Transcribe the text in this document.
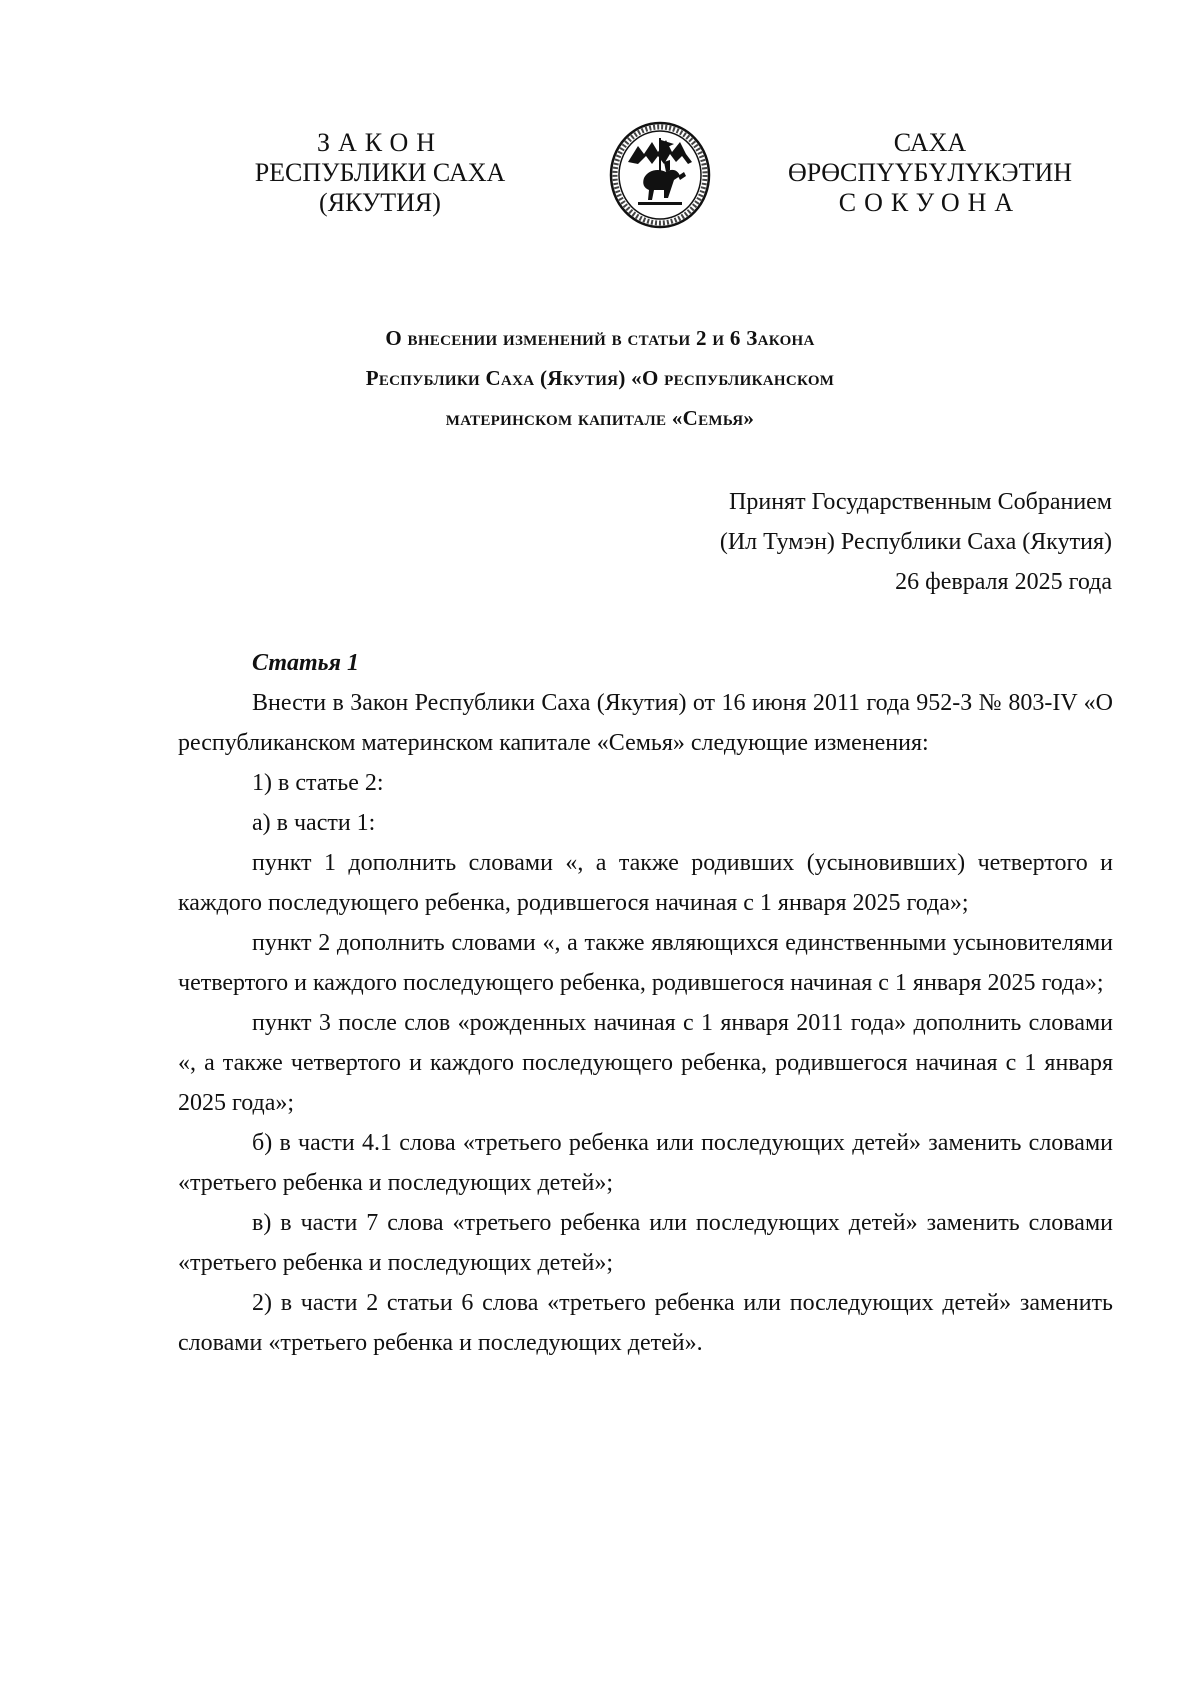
ЗАКОН
РЕСПУБЛИКИ САХА (ЯКУТИЯ)
САХА ӨРӨСПҮҮБҮЛҮКЭТИН
СОКУОНА
О внесении изменений в статьи 2 и 6 Закона
Республики Саха (Якутия) «О республиканском
материнском капитале «Семья»
Принят Государственным Собранием
(Ил Тумэн) Республики Саха (Якутия)
26 февраля 2025 года
Статья 1

Внести в Закон Республики Саха (Якутия) от 16 июня 2011 года 952-З № 803-IV «О республиканском материнском капитале «Семья» следующие изменения:

1) в статье 2:

а) в части 1:

пункт 1 дополнить словами «, а также родивших (усыновивших) четвертого и каждого последующего ребенка, родившегося начиная с 1 января 2025 года»;

пункт 2 дополнить словами «, а также являющихся единственными усыновителями четвертого и каждого последующего ребенка, родившегося начиная с 1 января 2025 года»;

пункт 3 после слов «рожденных начиная с 1 января 2011 года» дополнить словами «, а также четвертого и каждого последующего ребенка, родившегося начиная с 1 января 2025 года»;

б) в части 4.1 слова «третьего ребенка или последующих детей» заменить словами «третьего ребенка и последующих детей»;

в) в части 7 слова «третьего ребенка или последующих детей» заменить словами «третьего ребенка и последующих детей»;

2) в части 2 статьи 6 слова «третьего ребенка или последующих детей» заменить словами «третьего ребенка и последующих детей».
